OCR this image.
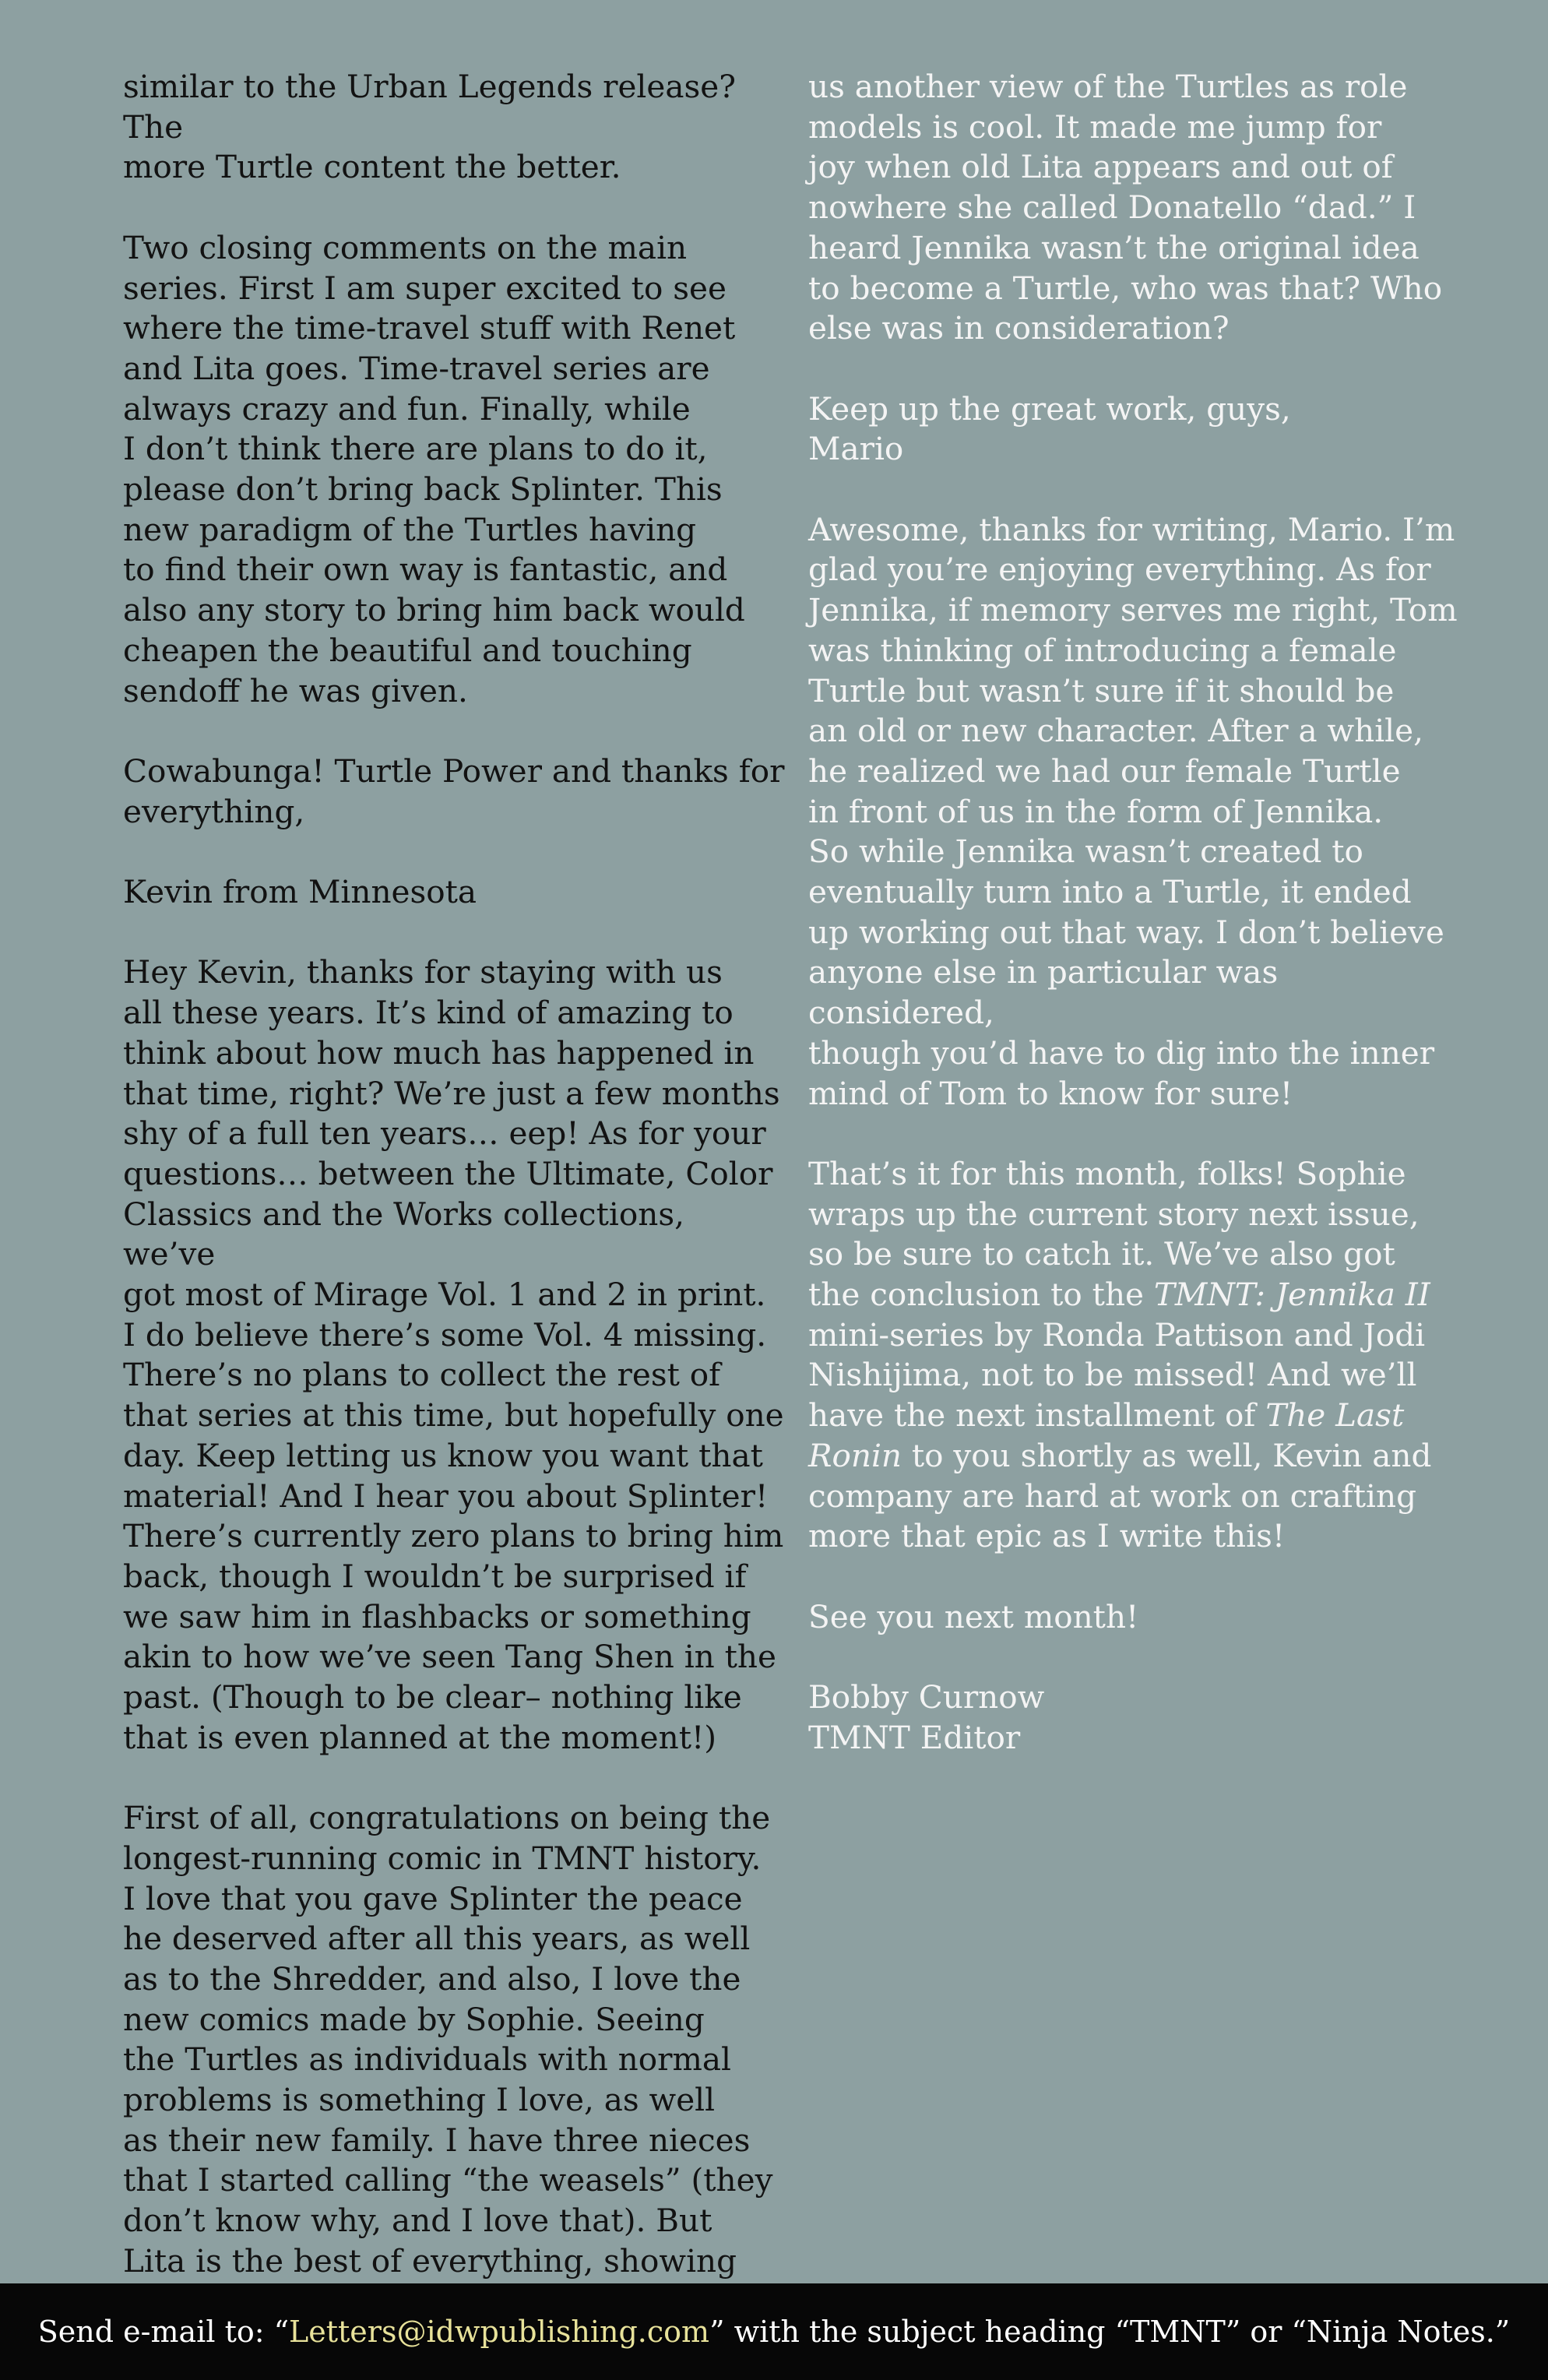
similar to the Urban Legends release? The
more Turtle content the better.

Two closing comments on the main
series. First I am super excited to see
where the time-travel stuff with Renet
and Lita goes. Time-travel series are
always crazy and fun. Finally, while
I don’t think there are plans to do it,
please don’t bring back Splinter. This
new paradigm of the Turtles having
to find their own way is fantastic, and
also any story to bring him back would
cheapen the beautiful and touching
sendoff he was given.

Cowabunga! Turtle Power and thanks for
everything,

Kevin from Minnesota

Hey Kevin, thanks for staying with us
all these years. It’s kind of amazing to
think about how much has happened in
that time, right? We’re just a few months
shy of a full ten years… eep! As for your
questions… between the Ultimate, Color
Classics and the Works collections, we’ve
got most of Mirage Vol. 1 and 2 in print.
I do believe there’s some Vol. 4 missing.
There’s no plans to collect the rest of
that series at this time, but hopefully one
day. Keep letting us know you want that
material! And I hear you about Splinter!
There’s currently zero plans to bring him
back, though I wouldn’t be surprised if
we saw him in flashbacks or something
akin to how we’ve seen Tang Shen in the
past. (Though to be clear– nothing like
that is even planned at the moment!)

First of all, congratulations on being the
longest-running comic in TMNT history.
I love that you gave Splinter the peace
he deserved after all this years, as well
as to the Shredder, and also, I love the
new comics made by Sophie. Seeing
the Turtles as individuals with normal
problems is something I love, as well
as their new family. I have three nieces
that I started calling “the weasels” (they
don’t know why, and I love that). But
Lita is the best of everything, showing

us another view of the Turtles as role
models is cool. It made me jump for
joy when old Lita appears and out of
nowhere she called Donatello “dad.” I
heard Jennika wasn’t the original idea
to become a Turtle, who was that? Who
else was in consideration?

Keep up the great work, guys,
Mario

Awesome, thanks for writing, Mario. I’m
glad you’re enjoying everything. As for
Jennika, if memory serves me right, Tom
was thinking of introducing a female
Turtle but wasn’t sure if it should be
an old or new character. After a while,
he realized we had our female Turtle
in front of us in the form of Jennika.
So while Jennika wasn’t created to
eventually turn into a Turtle, it ended
up working out that way. I don’t believe
anyone else in particular was considered,
though you’d have to dig into the inner
mind of Tom to know for sure!

That’s it for this month, folks! Sophie
wraps up the current story next issue,
so be sure to catch it. We’ve also got
the conclusion to the TMNT: Jennika II
mini-series by Ronda Pattison and Jodi
Nishijima, not to be missed! And we’ll
have the next installment of The Last
Ronin to you shortly as well, Kevin and
company are hard at work on crafting
more that epic as I write this!

See you next month!

Bobby Curnow
TMNT Editor

Send e-mail to: “Letters@idwpublishing.com” with the subject heading “TMNT” or “Ninja Notes.”
